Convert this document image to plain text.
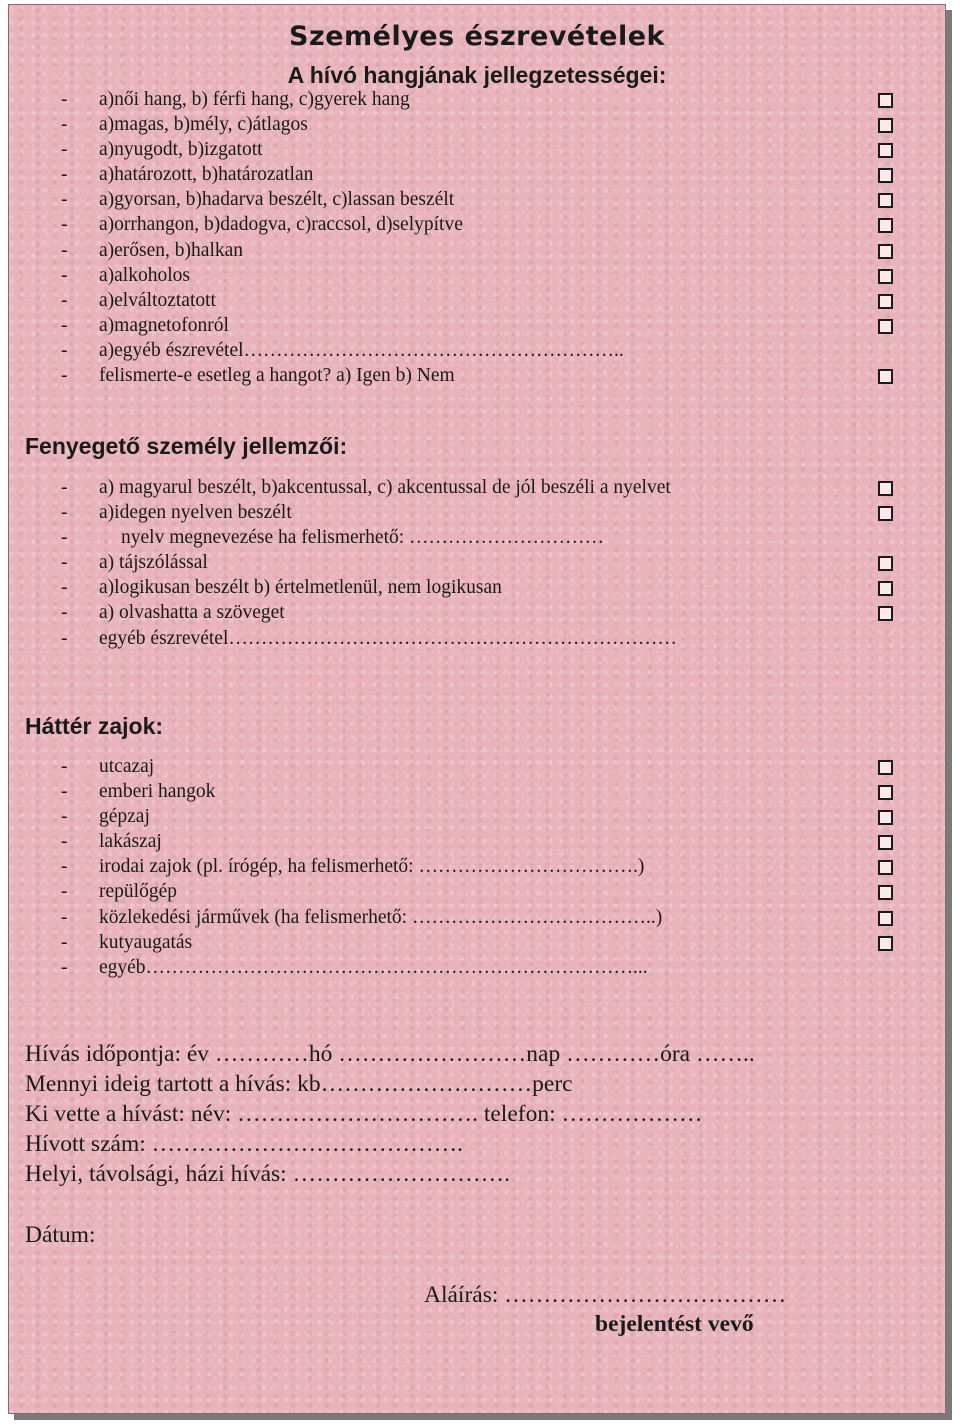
Személyes észrevételek
A hívó hangjának jellegzetességei:
- a)női hang, b) férfi hang, c)gyerek hang
- a)magas, b)mély, c)átlagos
- a)nyugodt, b)izgatott
- a)határozott, b)határozatlan
- a)gyorsan, b)hadarva beszélt, c)lassan beszélt
- a)orrhangon, b)dadogva, c)raccsol, d)selypítve
- a)erősen, b)halkan
- a)alkoholos
- a)elváltoztatott
- a)magnetofonról
- a)egyéb észrevétel…………………………………………………..
- felismerte-e esetleg a hangot? a) Igen b) Nem
Fenyegető személy jellemzői:
- a) magyarul beszélt, b)akcentussal, c) akcentussal de jól beszéli a nyelvet
- a)idegen nyelven beszélt
-	nyelv megnevezése ha felismerhető: …………………………
- a) tájszólással
- a)logikusan beszélt b) értelmetlenül, nem logikusan
- a) olvashatta a szöveget
- egyéb észrevétel……………………………………………………………
Háttér zajok:
- utcazaj
- emberi hangok
- gépzaj
- lakászaj
- irodai zajok (pl. írógép, ha felismerhető: …………………………….)
- repülőgép
- közlekedési járművek (ha felismerhető: ………………………………..)
- kutyaugatás
- egyéb…………………………………………………………………...
Hívás időpontja: év …………hó ……………………nap …………óra ……..
Mennyi ideig tartott a hívás: kb………………………perc
Ki vette a hívást: név: …………………………. telefon: ………………
Hívott szám: ………………………………….
Helyi, távolsági, házi hívás: ……………………….
Dátum:
Aláírás: ………………………………
bejelentést vevő
